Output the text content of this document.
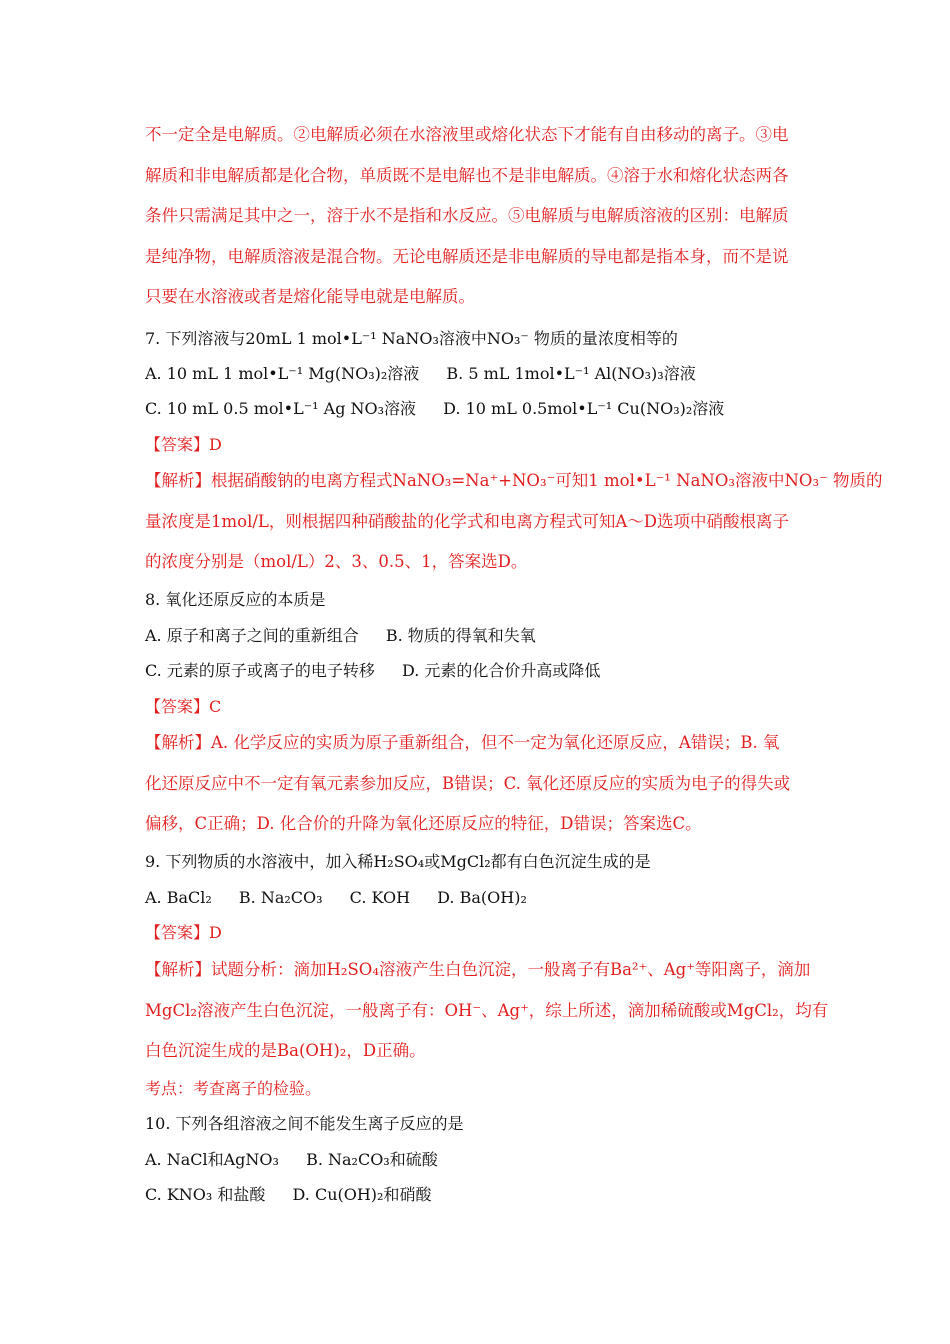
不一定全是电解质。②电解质必须在水溶液里或熔化状态下才能有自由移动的离子。③电
解质和非电解质都是化合物，单质既不是电解也不是非电解质。④溶于水和熔化状态两各
条件只需满足其中之一，溶于水不是指和水反应。⑤电解质与电解质溶液的区别：电解质
是纯净物，电解质溶液是混合物。无论电解质还是非电解质的导电都是指本身，而不是说
只要在水溶液或者是熔化能导电就是电解质。
7. 下列溶液与20mL 1 mol•L⁻¹ NaNO₃溶液中NO₃⁻ 物质的量浓度相等的
A. 10 mL 1 mol•L⁻¹ Mg(NO₃)₂溶液 B. 5 mL 1mol•L⁻¹ Al(NO₃)₃溶液
C. 10 mL 0.5 mol•L⁻¹ Ag NO₃溶液 D. 10 mL 0.5mol•L⁻¹ Cu(NO₃)₂溶液
【答案】D
【解析】根据硝酸钠的电离方程式NaNO₃=Na⁺+NO₃⁻可知1 mol•L⁻¹ NaNO₃溶液中NO₃⁻ 物质的
量浓度是1mol/L，则根据四种硝酸盐的化学式和电离方程式可知A～D选项中硝酸根离子
的浓度分别是（mol/L）2、3、0.5、1，答案选D。
8. 氧化还原反应的本质是
A. 原子和离子之间的重新组合 B. 物质的得氧和失氧
C. 元素的原子或离子的电子转移 D. 元素的化合价升高或降低
【答案】C
【解析】A. 化学反应的实质为原子重新组合，但不一定为氧化还原反应，A错误；B. 氧
化还原反应中不一定有氧元素参加反应，B错误；C. 氧化还原反应的实质为电子的得失或
偏移，C正确；D. 化合价的升降为氧化还原反应的特征，D错误；答案选C。
9. 下列物质的水溶液中，加入稀H₂SO₄或MgCl₂都有白色沉淀生成的是
A. BaCl₂ B. Na₂CO₃ C. KOH D. Ba(OH)₂
【答案】D
【解析】试题分析：滴加H₂SO₄溶液产生白色沉淀，一般离子有Ba²⁺、Ag⁺等阳离子，滴加
MgCl₂溶液产生白色沉淀，一般离子有：OH⁻、Ag⁺，综上所述，滴加稀硫酸或MgCl₂，均有
白色沉淀生成的是Ba(OH)₂，D正确。
考点：考查离子的检验。
10. 下列各组溶液之间不能发生离子反应的是
A. NaCl和AgNO₃ B. Na₂CO₃和硫酸
C. KNO₃ 和盐酸 D. Cu(OH)₂和硝酸
